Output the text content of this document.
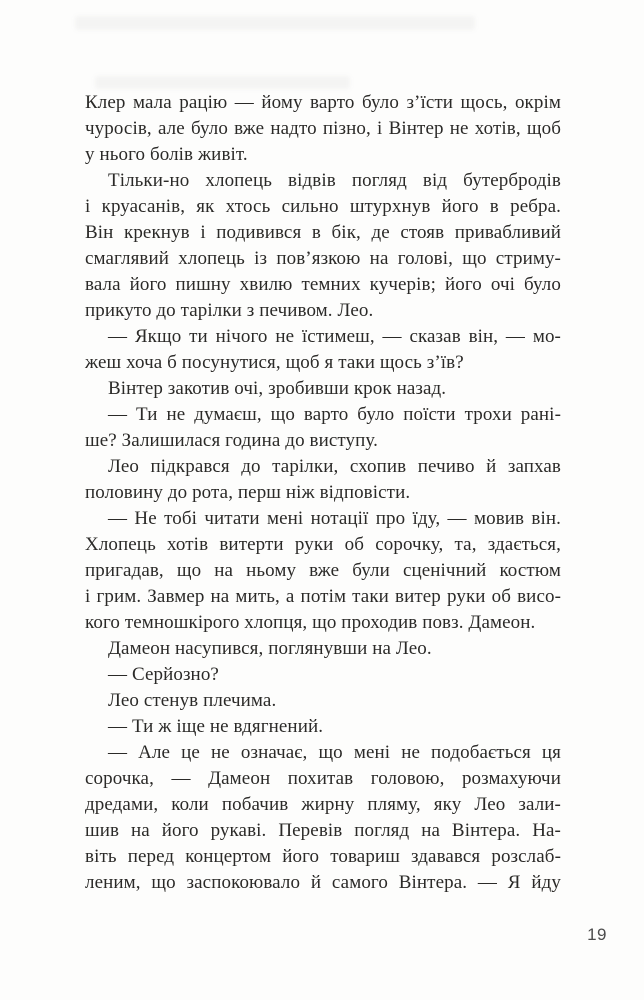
Клер мала рацію — йому варто було з’їсти щось, окрім
чуросів, але було вже надто пізно, і Вінтер не хотів, щоб
у нього болів живіт.
Тільки-но хлопець відвів погляд від бутербродів
і круасанів, як хтось сильно штурхнув його в ребра.
Він крекнув і подивився в бік, де стояв привабливий
смаглявий хлопець із пов’язкою на голові, що стриму-
вала його пишну хвилю темних кучерів; його очі було
прикуто до тарілки з печивом. Лео.
— Якщо ти нічого не їстимеш, — сказав він, — мо-
жеш хоча б посунутися, щоб я таки щось з’їв?
Вінтер закотив очі, зробивши крок назад.
— Ти не думаєш, що варто було поїсти трохи рані-
ше? Залишилася година до виступу.
Лео підкрався до тарілки, схопив печиво й запхав
половину до рота, перш ніж відповісти.
— Не тобі читати мені нотації про їду, — мовив він.
Хлопець хотів витерти руки об сорочку, та, здається,
пригадав, що на ньому вже були сценічний костюм
і грим. Завмер на мить, а потім таки витер руки об висо-
кого темношкірого хлопця, що проходив повз. Дамеон.
Дамеон насупився, поглянувши на Лео.
— Серйозно?
Лео стенув плечима.
— Ти ж іще не вдягнений.
— Але це не означає, що мені не подобається ця
сорочка, — Дамеон похитав головою, розмахуючи
дредами, коли побачив жирну пляму, яку Лео зали-
шив на його рукаві. Перевів погляд на Вінтера. На-
віть перед концертом його товариш здавався розслаб-
леним, що заспокоювало й самого Вінтера. — Я йду
19
